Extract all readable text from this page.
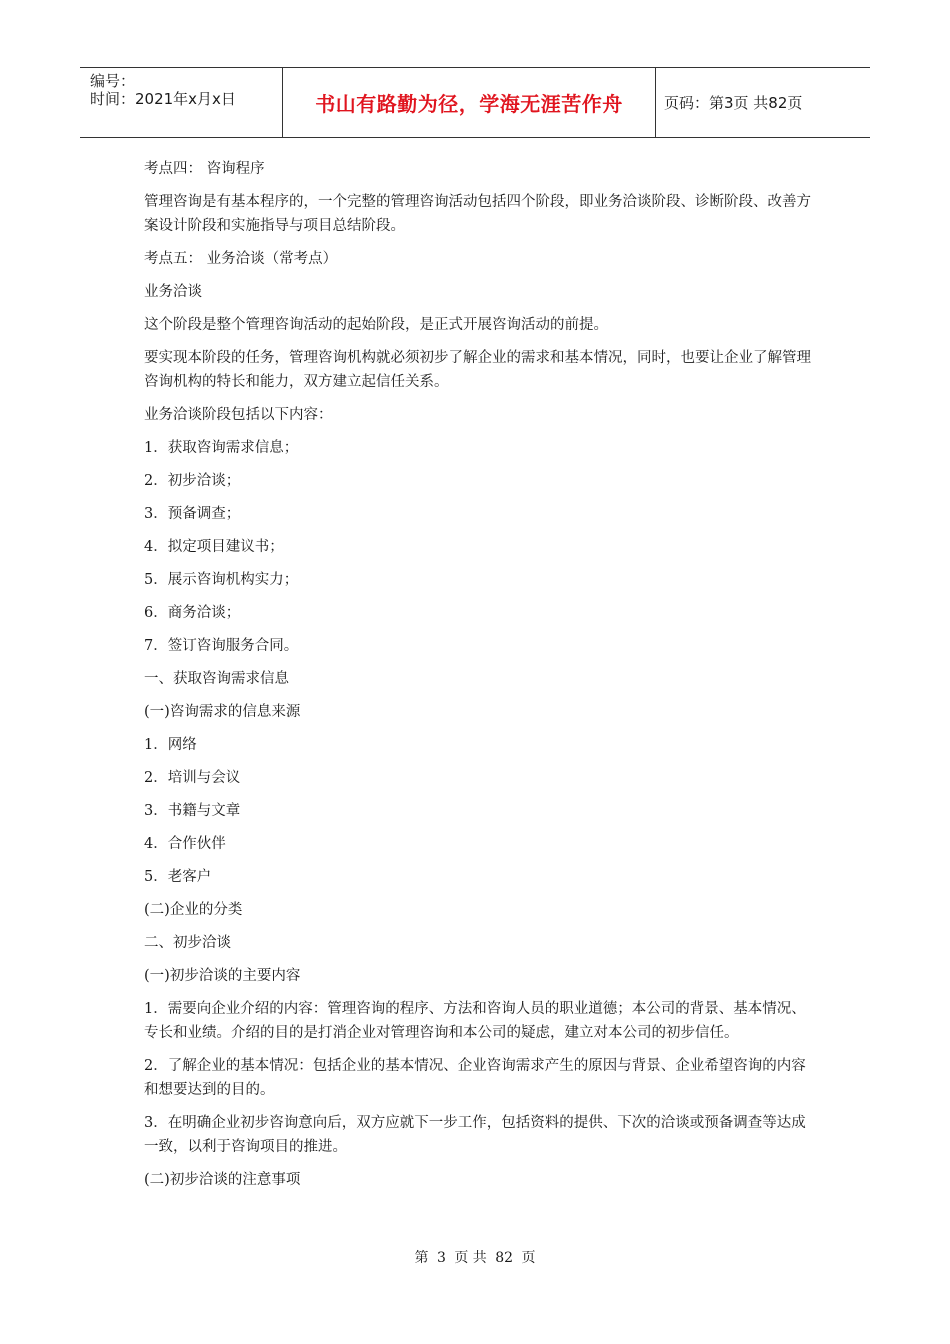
编号：
时间：2021年x月x日	书山有路勤为径，学海无涯苦作舟	页码：第3页 共82页

考点四： 咨询程序

管理咨询是有基本程序的，一个完整的管理咨询活动包括四个阶段，即业务洽谈阶段、诊断阶段、改善方案设计阶段和实施指导与项目总结阶段。

考点五： 业务洽谈（常考点）

业务洽谈

这个阶段是整个管理咨询活动的起始阶段，是正式开展咨询活动的前提。

要实现本阶段的任务，管理咨询机构就必须初步了解企业的需求和基本情况，同时，也要让企业了解管理咨询机构的特长和能力，双方建立起信任关系。

业务洽谈阶段包括以下内容：

1．获取咨询需求信息；

2．初步洽谈；

3．预备调查；

4．拟定项目建议书；

5．展示咨询机构实力；

6．商务洽谈；

7．签订咨询服务合同。

一、获取咨询需求信息

(一)咨询需求的信息来源

1．网络

2．培训与会议

3．书籍与文章

4．合作伙伴

5．老客户

(二)企业的分类

二、初步洽谈

(一)初步洽谈的主要内容

1．需要向企业介绍的内容：管理咨询的程序、方法和咨询人员的职业道德；本公司的背景、基本情况、专长和业绩。介绍的目的是打消企业对管理咨询和本公司的疑虑，建立对本公司的初步信任。

2．了解企业的基本情况：包括企业的基本情况、企业咨询需求产生的原因与背景、企业希望咨询的内容和想要达到的目的。

3．在明确企业初步咨询意向后，双方应就下一步工作，包括资料的提供、下次的洽谈或预备调查等达成一致，以利于咨询项目的推进。

(二)初步洽谈的注意事项

第 3 页 共 82 页
